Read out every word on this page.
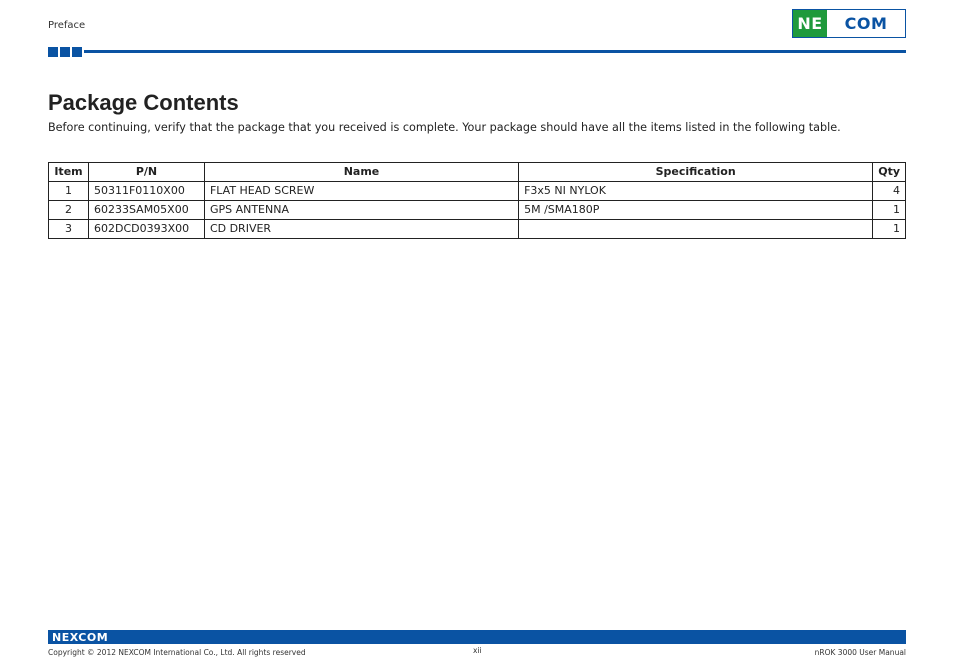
Preface	NE	COM
Package Contents

Before continuing, verify that the package that you received is complete. Your package should have all the items listed in the following table.

Item	P/N	Name	Specification	Qty
1	50311F0110X00	FLAT HEAD SCREW	F3x5 NI NYLOK	4
2	60233SAM05X00	GPS ANTENNA	5M /SMA180P	1
3	602DCD0393X00	CD DRIVER		1
NEXCOM
Copyright © 2012 NEXCOM International Co., Ltd. All rights reserved	xii	nROK 3000 User Manual
